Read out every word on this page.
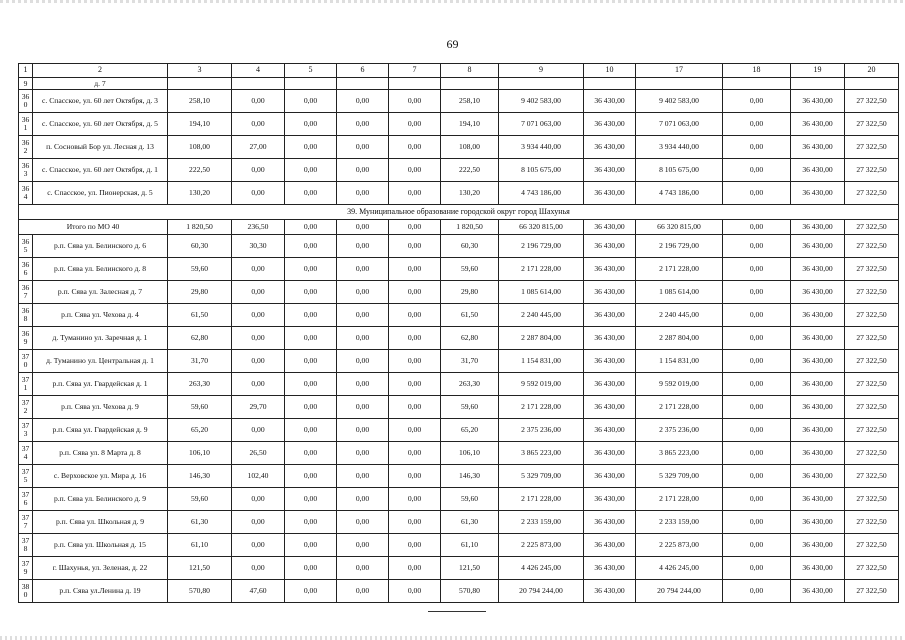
69
1	2	3	4	5	6	7	8	9	10	17	18	19	20
9	д. 7												
360	с. Спасское, ул. 60 лет Октября, д. 3	258,10	0,00	0,00	0,00	0,00	258,10	9 402 583,00	36 430,00	9 402 583,00	0,00	36 430,00	27 322,50
361	с. Спасское, ул. 60 лет Октября, д. 5	194,10	0,00	0,00	0,00	0,00	194,10	7 071 063,00	36 430,00	7 071 063,00	0,00	36 430,00	27 322,50
362	п. Сосновый Бор ул. Лесная д. 13	108,00	27,00	0,00	0,00	0,00	108,00	3 934 440,00	36 430,00	3 934 440,00	0,00	36 430,00	27 322,50
363	с. Спасское, ул. 60 лет Октября, д. 1	222,50	0,00	0,00	0,00	0,00	222,50	8 105 675,00	36 430,00	8 105 675,00	0,00	36 430,00	27 322,50
364	с. Спасское, ул. Пионерская, д. 5	130,20	0,00	0,00	0,00	0,00	130,20	4 743 186,00	36 430,00	4 743 186,00	0,00	36 430,00	27 322,50
39. Муниципальное образование городской округ город Шахунья													
Итого по МО 40		1 820,50	236,50	0,00	0,00	0,00	1 820,50	66 320 815,00	36 430,00	66 320 815,00	0,00	36 430,00	27 322,50
365	р.п. Сява ул. Белинского д. 6	60,30	30,30	0,00	0,00	0,00	60,30	2 196 729,00	36 430,00	2 196 729,00	0,00	36 430,00	27 322,50
366	р.п. Сява ул. Белинского д. 8	59,60	0,00	0,00	0,00	0,00	59,60	2 171 228,00	36 430,00	2 171 228,00	0,00	36 430,00	27 322,50
367	р.п. Сява ул. Залесная д. 7	29,80	0,00	0,00	0,00	0,00	29,80	1 085 614,00	36 430,00	1 085 614,00	0,00	36 430,00	27 322,50
368	р.п. Сява ул. Чехова д. 4	61,50	0,00	0,00	0,00	0,00	61,50	2 240 445,00	36 430,00	2 240 445,00	0,00	36 430,00	27 322,50
369	д. Туманино ул. Заречная д. 1	62,80	0,00	0,00	0,00	0,00	62,80	2 287 804,00	36 430,00	2 287 804,00	0,00	36 430,00	27 322,50
370	д. Туманино ул. Центральная д. 1	31,70	0,00	0,00	0,00	0,00	31,70	1 154 831,00	36 430,00	1 154 831,00	0,00	36 430,00	27 322,50
371	р.п. Сява ул. Гвардейская д. 1	263,30	0,00	0,00	0,00	0,00	263,30	9 592 019,00	36 430,00	9 592 019,00	0,00	36 430,00	27 322,50
372	р.п. Сява ул. Чехова д. 9	59,60	29,70	0,00	0,00	0,00	59,60	2 171 228,00	36 430,00	2 171 228,00	0,00	36 430,00	27 322,50
373	р.п. Сява ул. Гвардейская д. 9	65,20	0,00	0,00	0,00	0,00	65,20	2 375 236,00	36 430,00	2 375 236,00	0,00	36 430,00	27 322,50
374	р.п. Сява ул. 8 Марта д. 8	106,10	26,50	0,00	0,00	0,00	106,10	3 865 223,00	36 430,00	3 865 223,00	0,00	36 430,00	27 322,50
375	с. Верховское ул. Мира д. 16	146,30	102,40	0,00	0,00	0,00	146,30	5 329 709,00	36 430,00	5 329 709,00	0,00	36 430,00	27 322,50
376	р.п. Сява ул. Белинского д. 9	59,60	0,00	0,00	0,00	0,00	59,60	2 171 228,00	36 430,00	2 171 228,00	0,00	36 430,00	27 322,50
377	р.п. Сява ул. Школьная д. 9	61,30	0,00	0,00	0,00	0,00	61,30	2 233 159,00	36 430,00	2 233 159,00	0,00	36 430,00	27 322,50
378	р.п. Сява ул. Школьная д. 15	61,10	0,00	0,00	0,00	0,00	61,10	2 225 873,00	36 430,00	2 225 873,00	0,00	36 430,00	27 322,50
379	г. Шахунья, ул. Зеленая, д. 22	121,50	0,00	0,00	0,00	0,00	121,50	4 426 245,00	36 430,00	4 426 245,00	0,00	36 430,00	27 322,50
380	р.п. Сява ул.Ленина д. 19	570,80	47,60	0,00	0,00	0,00	570,80	20 794 244,00	36 430,00	20 794 244,00	0,00	36 430,00	27 322,50
